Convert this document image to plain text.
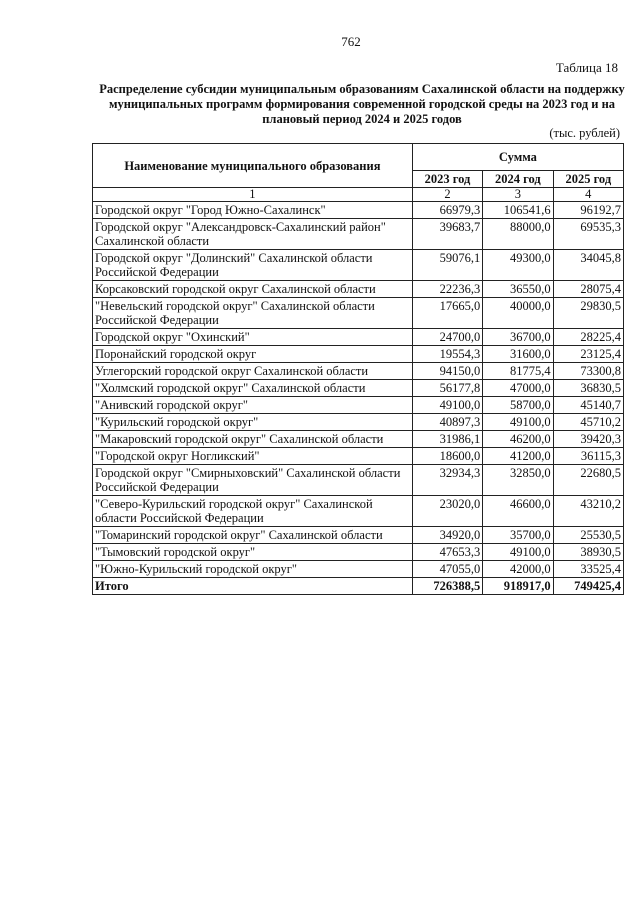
762
Таблица 18
Распределение субсидии муниципальным образованиям Сахалинской области на поддержку муниципальных программ формирования современной городской среды на 2023 год и на плановый период 2024 и 2025 годов
(тыс. рублей)
Наименование муниципального образования	Сумма		
	2023 год	2024 год	2025 год
1	2	3	4
Городской округ "Город Южно-Сахалинск"	66979,3	106541,6	96192,7
Городской округ "Александровск-Сахалинский район" Сахалинской области	39683,7	88000,0	69535,3
Городской округ "Долинский" Сахалинской области Российской Федерации	59076,1	49300,0	34045,8
Корсаковский городской округ Сахалинской области	22236,3	36550,0	28075,4
"Невельский городской округ" Сахалинской области Российской Федерации	17665,0	40000,0	29830,5
Городской округ "Охинский"	24700,0	36700,0	28225,4
Поронайский городской округ	19554,3	31600,0	23125,4
Углегорский городской округ Сахалинской области	94150,0	81775,4	73300,8
"Холмский городской округ" Сахалинской области	56177,8	47000,0	36830,5
"Анивский городской округ"	49100,0	58700,0	45140,7
"Курильский городской округ"	40897,3	49100,0	45710,2
"Макаровский городской округ" Сахалинской области	31986,1	46200,0	39420,3
"Городской округ Ногликский"	18600,0	41200,0	36115,3
Городской округ "Смирныховский" Сахалинской области Российской Федерации	32934,3	32850,0	22680,5
"Северо-Курильский городской округ" Сахалинской области Российской Федерации	23020,0	46600,0	43210,2
"Томаринский городской округ" Сахалинской области	34920,0	35700,0	25530,5
"Тымовский городской округ"	47653,3	49100,0	38930,5
"Южно-Курильский городской округ"	47055,0	42000,0	33525,4
Итого	726388,5	918917,0	749425,4
